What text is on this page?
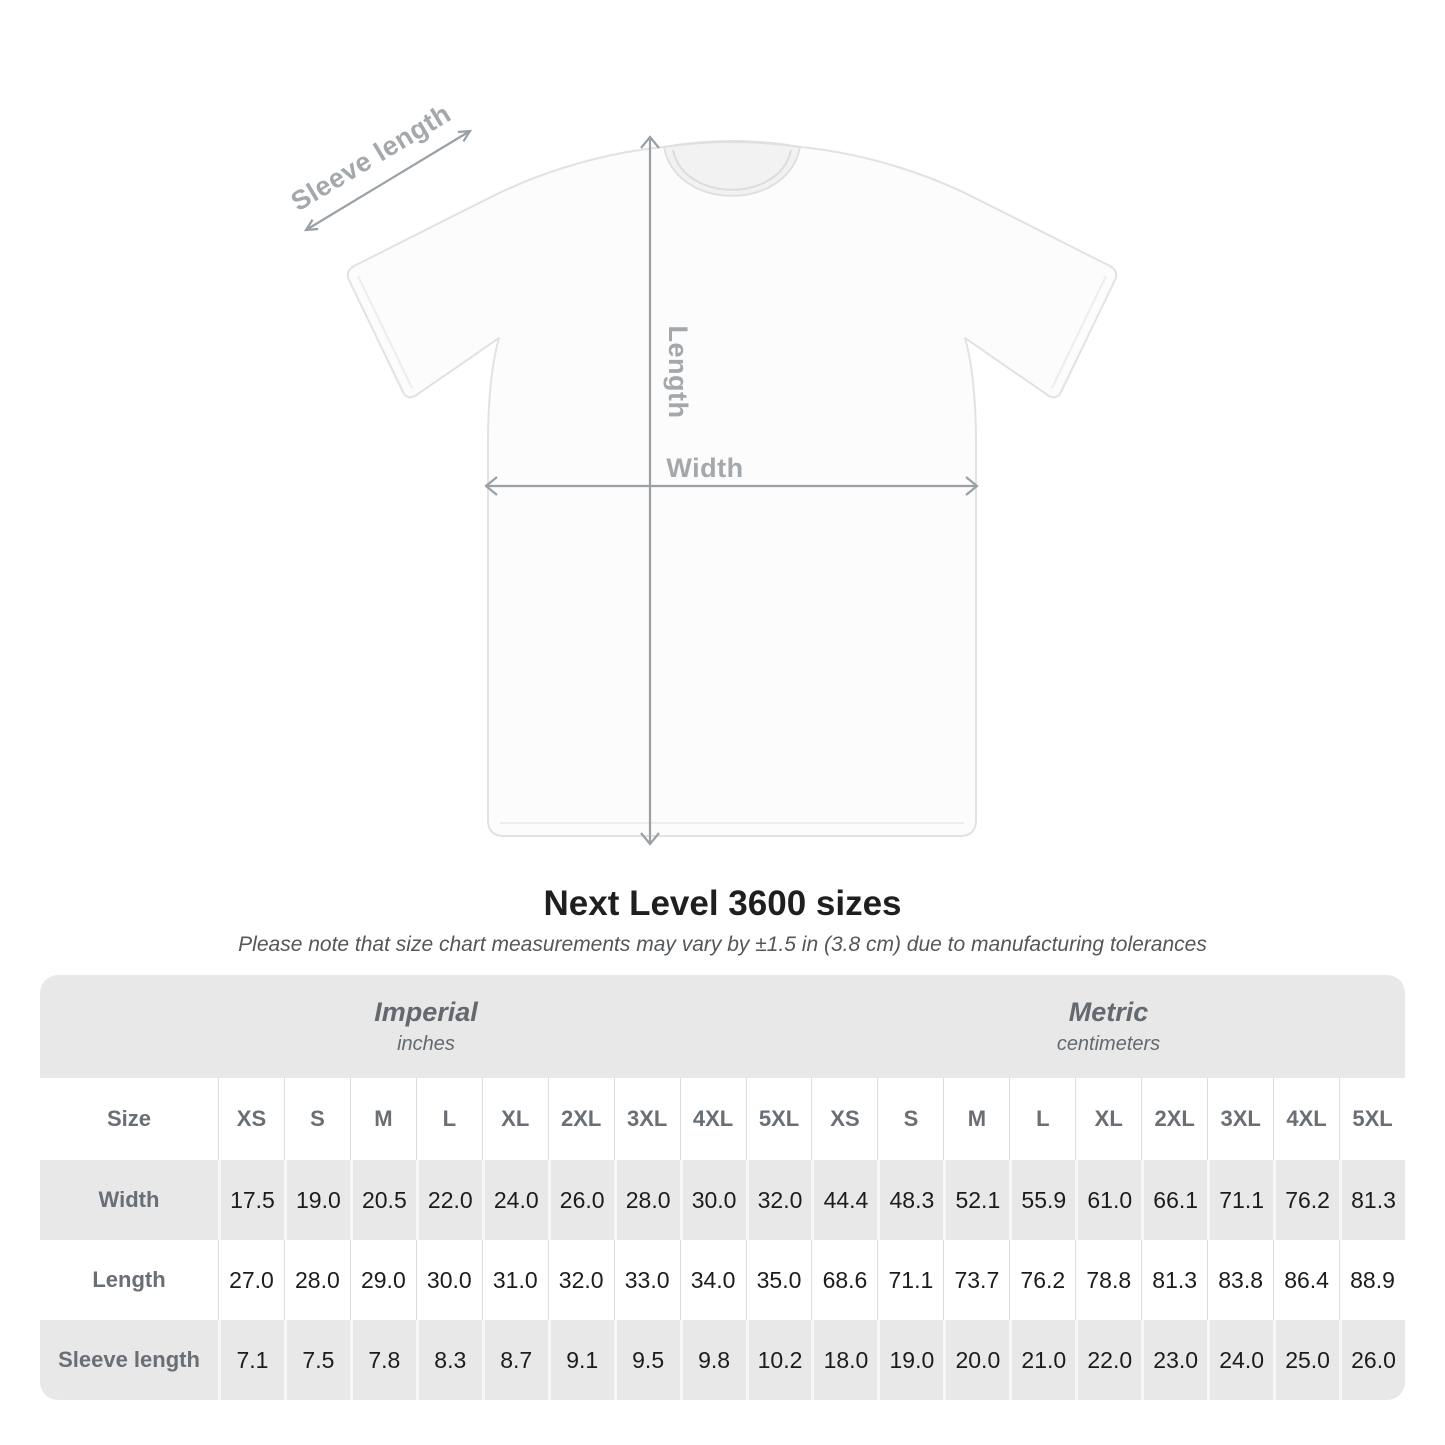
Sleeve length
Length
Width
Next Level 3600 sizes
Please note that size chart measurements may vary by ±1.5 in (3.8 cm) due to manufacturing tolerances
Imperial
inches
Metric
centimeters
Size	XS	S	M	L	XL	2XL	3XL	4XL	5XL	XS	S	M	L	XL	2XL	3XL	4XL	5XL
Width	17.5 19.0 20.5 22.0 24.0 26.0 28.0 30.0 32.0 44.4 48.3 52.1 55.9 61.0 66.1 71.1 76.2 81.3
Length	27.0 28.0 29.0 30.0 31.0 32.0 33.0 34.0 35.0 68.6 71.1 73.7 76.2 78.8 81.3 83.8 86.4 88.9
Sleeve length	7.1	7.5	7.8	8.3	8.7	9.1	9.5	9.8	10.2 18.0 19.0 20.0 21.0 22.0 23.0 24.0 25.0 26.0
